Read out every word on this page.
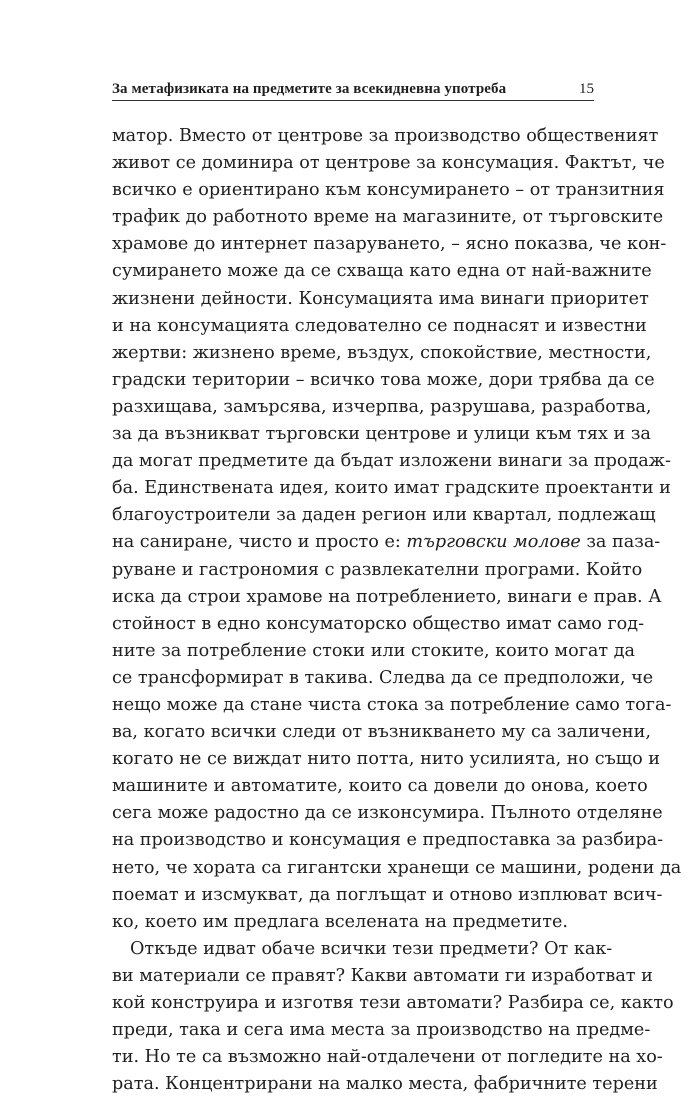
За метафизиката на предметите за всекидневна употреба	15
матор. Вместо от центрове за производство общественият
живот се доминира от центрове за консумация. Фактът, че
всичко е ориентирано към консумирането – от транзитния
трафик до работното време на магазините, от търговските
храмове до интернет пазаруването, – ясно показва, че кон-
сумирането може да се схваща като една от най-важните
жизнени дейности. Консумацията има винаги приоритет
и на консумацията следователно се поднасят и известни
жертви: жизнено време, въздух, спокойствие, местности,
градски територии – всичко това може, дори трябва да се
разхищава, замърсява, изчерпва, разрушава, разработва,
за да възникват търговски центрове и улици към тях и за
да могат предметите да бъдат изложени винаги за продаж-
ба. Единствената идея, които имат градските проектанти и
благоустроители за даден регион или квартал, подлежащ
на саниране, чисто и просто е: търговски молове за паза-
руване и гастрономия с развлекателни програми. Който
иска да строи храмове на потреблението, винаги е прав. А
стойност в едно консуматорско общество имат само год-
ните за потребление стоки или стоките, които могат да
се трансформират в такива. Следва да се предположи, че
нещо може да стане чиста стока за потребление само тога-
ва, когато всички следи от възникването му са заличени,
когато не се виждат нито потта, нито усилията, но също и
машините и автоматите, които са довели до онова, което
сега може радостно да се изконсумира. Пълното отделяне
на производство и консумация е предпоставка за разбира-
нето, че хората са гигантски хранещи се машини, родени да
поемат и изсмукват, да поглъщат и отново изплюват всич-
ко, което им предлага вселената на предметите.
Откъде идват обаче всички тези предмети? От как-
ви материали се правят? Какви автомати ги изработват и
кой конструира и изготвя тези автомати? Разбира се, както
преди, така и сега има места за производство на предме-
ти. Но те са възможно най-отдалечени от погледите на хо-
рата. Концентрирани на малко места, фабричните терени
